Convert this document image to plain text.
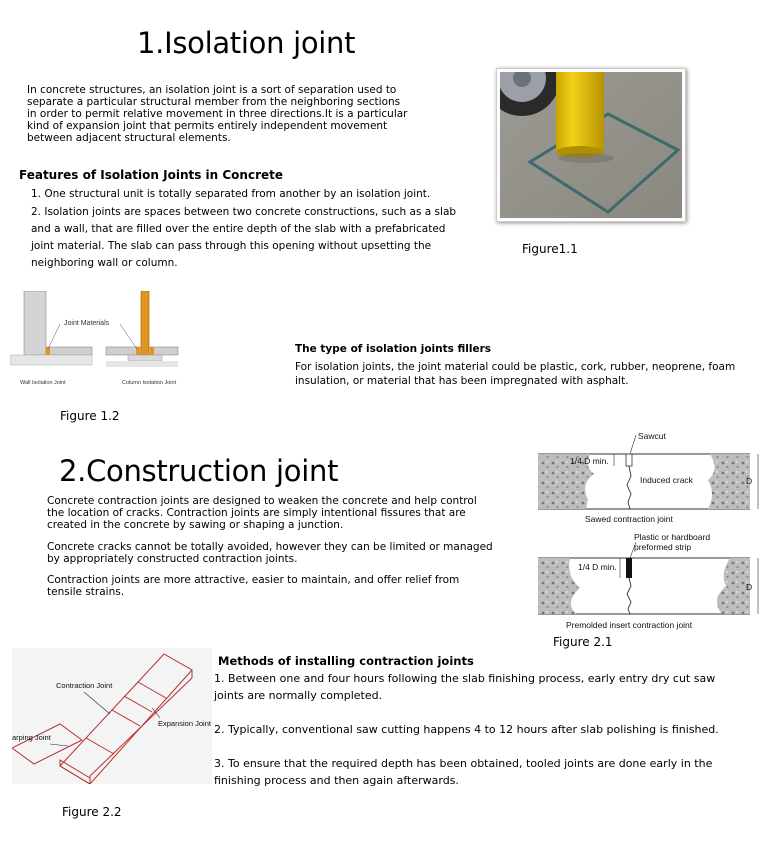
1.Isolation joint
In concrete structures, an isolation joint is a sort of separation used to separate a particular structural member from the neighboring sections in order to permit relative movement in three directions.It is a particular kind of expansion joint that permits entirely independent movement between adjacent structural elements.
Features of Isolation Joints in Concrete
1. One structural unit is totally separated from another by an isolation joint.
2. Isolation joints are spaces between two concrete constructions, such as a slab and a wall, that are filled over the entire depth of the slab with a prefabricated joint material. The slab can pass through this opening without upsetting the neighboring wall or column.
Figure1.1
Joint Materials
Wall Isolation Joint	Column Isolation Joint
Figure 1.2
The type of isolation joints fillers
For isolation joints, the joint material could be plastic, cork, rubber, neoprene, foam insulation, or material that has been impregnated with asphalt.
2.Construction joint
Concrete contraction joints are designed to weaken the concrete and help control the location of cracks. Contraction joints are simply intentional fissures that are created in the concrete by sawing or shaping a junction.
Concrete cracks cannot be totally avoided, however they can be limited or managed by appropriately constructed contraction joints.
Contraction joints are more attractive, easier to maintain, and offer relief from tensile strains.
Sawcut
1/4 D min.
Induced crack	D
Sawed contraction joint
Plastic or hardboard
preformed strip
1/4 D min.
D
Premolded insert contraction joint
Figure 2.1
Contraction Joint
Expansion Joint
arping Joint
Figure 2.2
Methods of installing contraction joints
1. Between one and four hours following the slab finishing process, early entry dry cut saw joints are normally completed.
2. Typically, conventional saw cutting happens 4 to 12 hours after slab polishing is finished.
3. To ensure that the required depth has been obtained, tooled joints are done early in the finishing process and then again afterwards.
